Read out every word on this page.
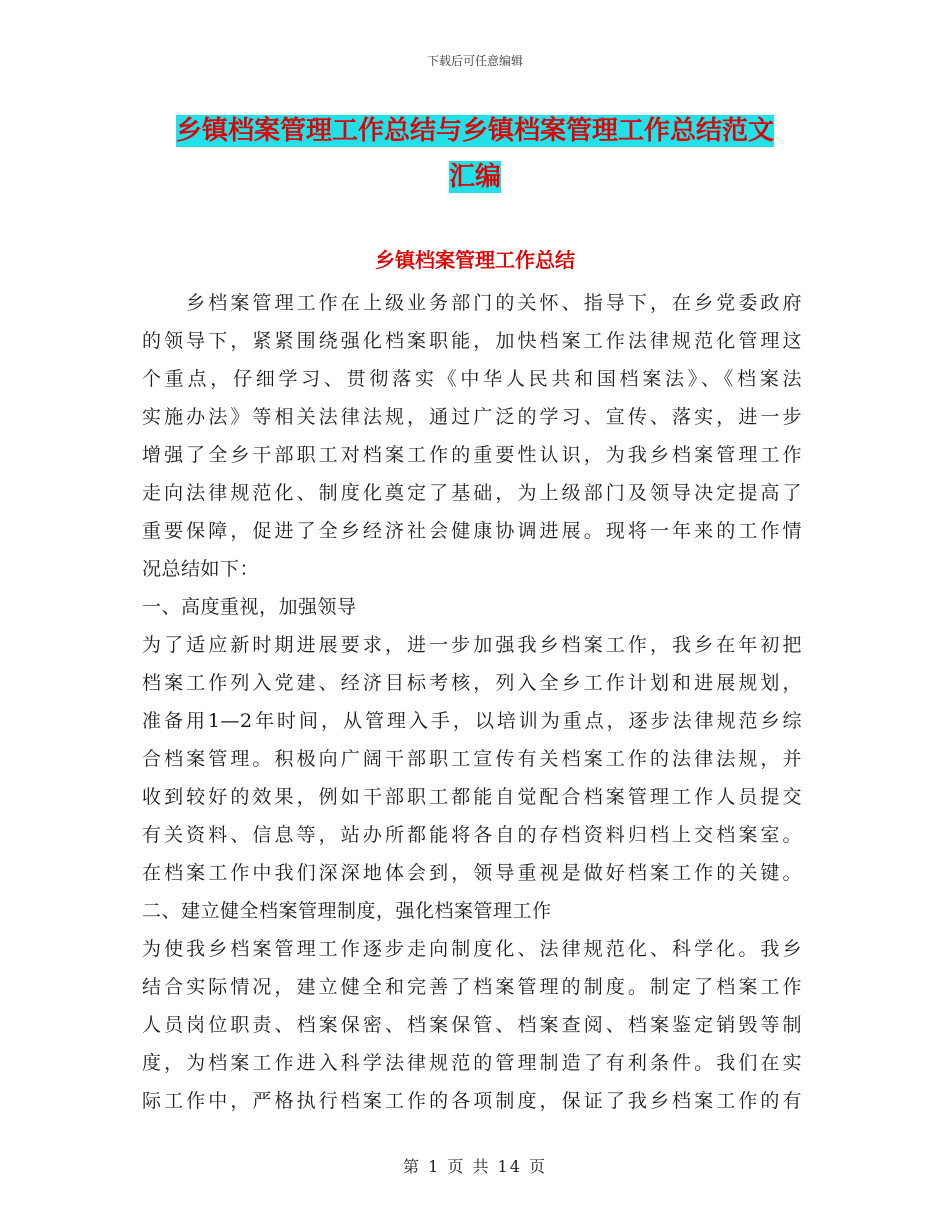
下载后可任意编辑
乡镇档案管理工作总结与乡镇档案管理工作总结范文
汇编
乡镇档案管理工作总结
　　乡档案管理工作在上级业务部门的关怀、指导下，在乡党委政府
的领导下，紧紧围绕强化档案职能，加快档案工作法律规范化管理这
个重点，仔细学习、贯彻落实《中华人民共和国档案法》、《档案法
实施办法》等相关法律法规，通过广泛的学习、宣传、落实，进一步
增强了全乡干部职工对档案工作的重要性认识，为我乡档案管理工作
走向法律规范化、制度化奠定了基础，为上级部门及领导决定提高了
重要保障，促进了全乡经济社会健康协调进展。现将一年来的工作情
况总结如下：
一、高度重视，加强领导
为了适应新时期进展要求，进一步加强我乡档案工作，我乡在年初把
档案工作列入党建、经济目标考核，列入全乡工作计划和进展规划，
准备用1—2年时间，从管理入手，以培训为重点，逐步法律规范乡综
合档案管理。积极向广阔干部职工宣传有关档案工作的法律法规，并
收到较好的效果，例如干部职工都能自觉配合档案管理工作人员提交
有关资料、信息等，站办所都能将各自的存档资料归档上交档案室。
在档案工作中我们深深地体会到，领导重视是做好档案工作的关键。
二、建立健全档案管理制度，强化档案管理工作
为使我乡档案管理工作逐步走向制度化、法律规范化、科学化。我乡
结合实际情况，建立健全和完善了档案管理的制度。制定了档案工作
人员岗位职责、档案保密、档案保管、档案查阅、档案鉴定销毁等制
度，为档案工作进入科学法律规范的管理制造了有利条件。我们在实
际工作中，严格执行档案工作的各项制度，保证了我乡档案工作的有
第 1 页 共 14 页
